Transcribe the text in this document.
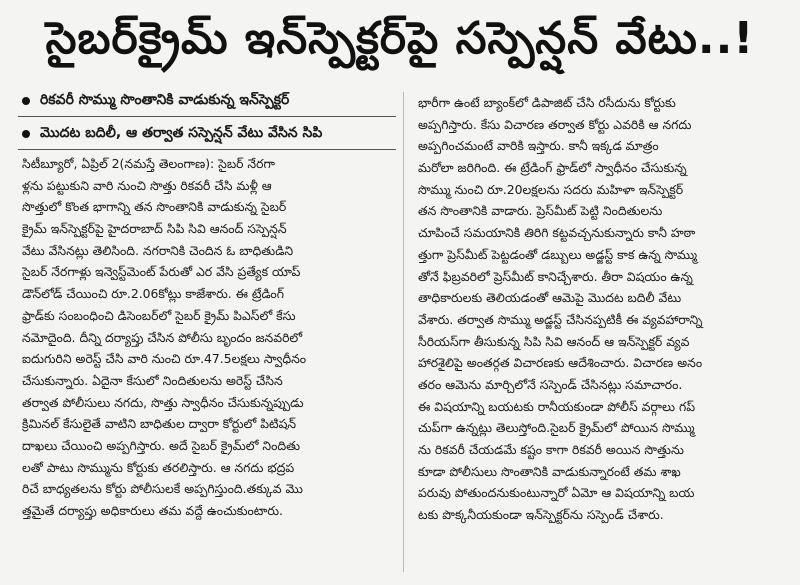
సైబర్‌క్రైమ్ ఇన్‌స్పెక్టర్‌పై సస్పెన్షన్ వేటు..!
రికవరీ సొమ్ము సొంతానికి వాడుకున్న ఇన్‌స్పెక్టర్
మొదట బదిలీ, ఆ తర్వాత సస్పెన్షన్ వేటు వేసిన సిపి
సిటీబ్యూరో, ఏప్రిల్ 2(నమస్తే తెలంగాణ): సైబర్ నేరగా
ళ్లను పట్టుకుని వారి నుంచి సొత్తు రికవరీ చేసి మళ్లీ ఆ
సొత్తులో కొంత భాగాన్ని తన సొంతానికి వాడుకున్న సైబర్
క్రైమ్ ఇన్‌స్పెక్టర్‌పై హైదరాబాద్ సిపి సివి ఆనంద్ సస్పెన్షన్
వేటు వేసినట్లు తెలిసింది. నగరానికి చెందిన ఓ బాధితుడిని
సైబర్ నేరగాళ్లు ఇన్వెస్ట్‌మెంట్ పేరుతో ఎర వేసి ప్రత్యేక యాప్
డౌన్‌లోడ్ చేయించి రూ.2.06కోట్లు కాజేశారు. ఈ ట్రేడింగ్
ఫ్రాడ్‌కు సంబంధించి డిసెంబర్‌లో సైబర్ క్రైమ్ పిఎస్‌లో కేసు
నమోదైంది. దీన్ని దర్యాప్తు చేసిన పోలీసు బృందం జనవరిలో
ఐదుగురిని అరెస్ట్ చేసి వారి నుంచి రూ.47.5లక్షలు స్వాధీనం
చేసుకున్నారు. ఏదైనా కేసులో నిందితులను అరెస్ట్ చేసిన
తర్వాత పోలీసులు నగదు, సొత్తు స్వాధీనం చేసుకున్నప్పుడు
క్రిమినల్ కేసులైతే వాటిని బాధితుల ద్వారా కోర్టులో పిటిషన్
దాఖలు చేయించి అప్పగిస్తారు. అదే సైబర్ క్రైమ్‌లో నిందితు
లతో పాటు సొమ్మును కోర్టుకు తరలిస్తారు. ఆ నగదు భద్రప
రిచే బాధ్యతలను కోర్టు పోలీసులకే అప్పగిస్తుంది.తక్కువ మొ
త్తమైతే దర్యాప్తు అధికారులు తమ వద్దే ఉంచుకుంటారు.
భారీగా ఉంటే బ్యాంక్‌లో డిపాజిట్ చేసి రసీదును కోర్టుకు
అప్పగిస్తారు. కేసు విచారణ తర్వాత కోర్టు ఎవరికి ఆ నగదు
అప్పగించమంటే వారికి ఇస్తారు. కానీ ఇక్కడ మాత్రం
మరోలా జరిగింది. ఈ ట్రేడింగ్ ఫ్రాడ్‌లో స్వాధీనం చేసుకున్న
సొమ్ము నుంచి రూ.20లక్షలను సదరు మహిళా ఇన్‌స్పెక్టర్
తన సొంతానికి వాడారు. ప్రెస్‌మీట్ పెట్టి నిందితులను
చూపించే సమయానికి తిరిగి కట్టవచ్చనుకున్నారు కానీ హఠా
త్తుగా ప్రెస్‌మీట్ పెట్టడంతో డబ్బులు అడ్జస్ట్ కాక ఉన్న సొమ్ము
తోనే ఫిబ్రవరిలో ప్రెస్‌మీట్ కానిచ్చేశారు. తీరా విషయం ఉన్న
తాధికారులకు తెలియడంతో ఆమెపై మొదట బదిలీ వేటు
వేశారు. తర్వాత సొమ్ము అడ్జస్ట్ చేసినప్పటికీ ఈ వ్యవహారాన్ని
సీరియస్‌గా తీసుకున్న సిపి సివి ఆనంద్ ఆ ఇన్‌స్పెక్టర్ వ్యవ
హారశైలిపై అంతర్గత విచారణకు ఆదేశించారు. విచారణ అనం
తరం ఆమెను మార్చిలోనే సస్పెండ్ చేసినట్లు సమాచారం.
ఈ విషయాన్ని బయటకు రానీయకుండా పోలీస్ వర్గాలు గప్
చుప్‌గా ఉన్నట్లు తెలుస్తోంది.సైబర్ క్రైమ్‌లో పోయిన సొమ్ము
ను రికవరీ చేయడమే కష్టం కాగా రికవరీ అయిన సొత్తును
కూడా పోలీసులు సొంతానికి వాడుకున్నారంటే తమ శాఖ
పరువు పోతుందనుకుంటున్నారో ఏమో ఆ విషయాన్ని బయ
టకు పొక్కనీయకుండా ఇన్‌స్పెక్టర్‌ను సస్పెండ్ చేశారు.
